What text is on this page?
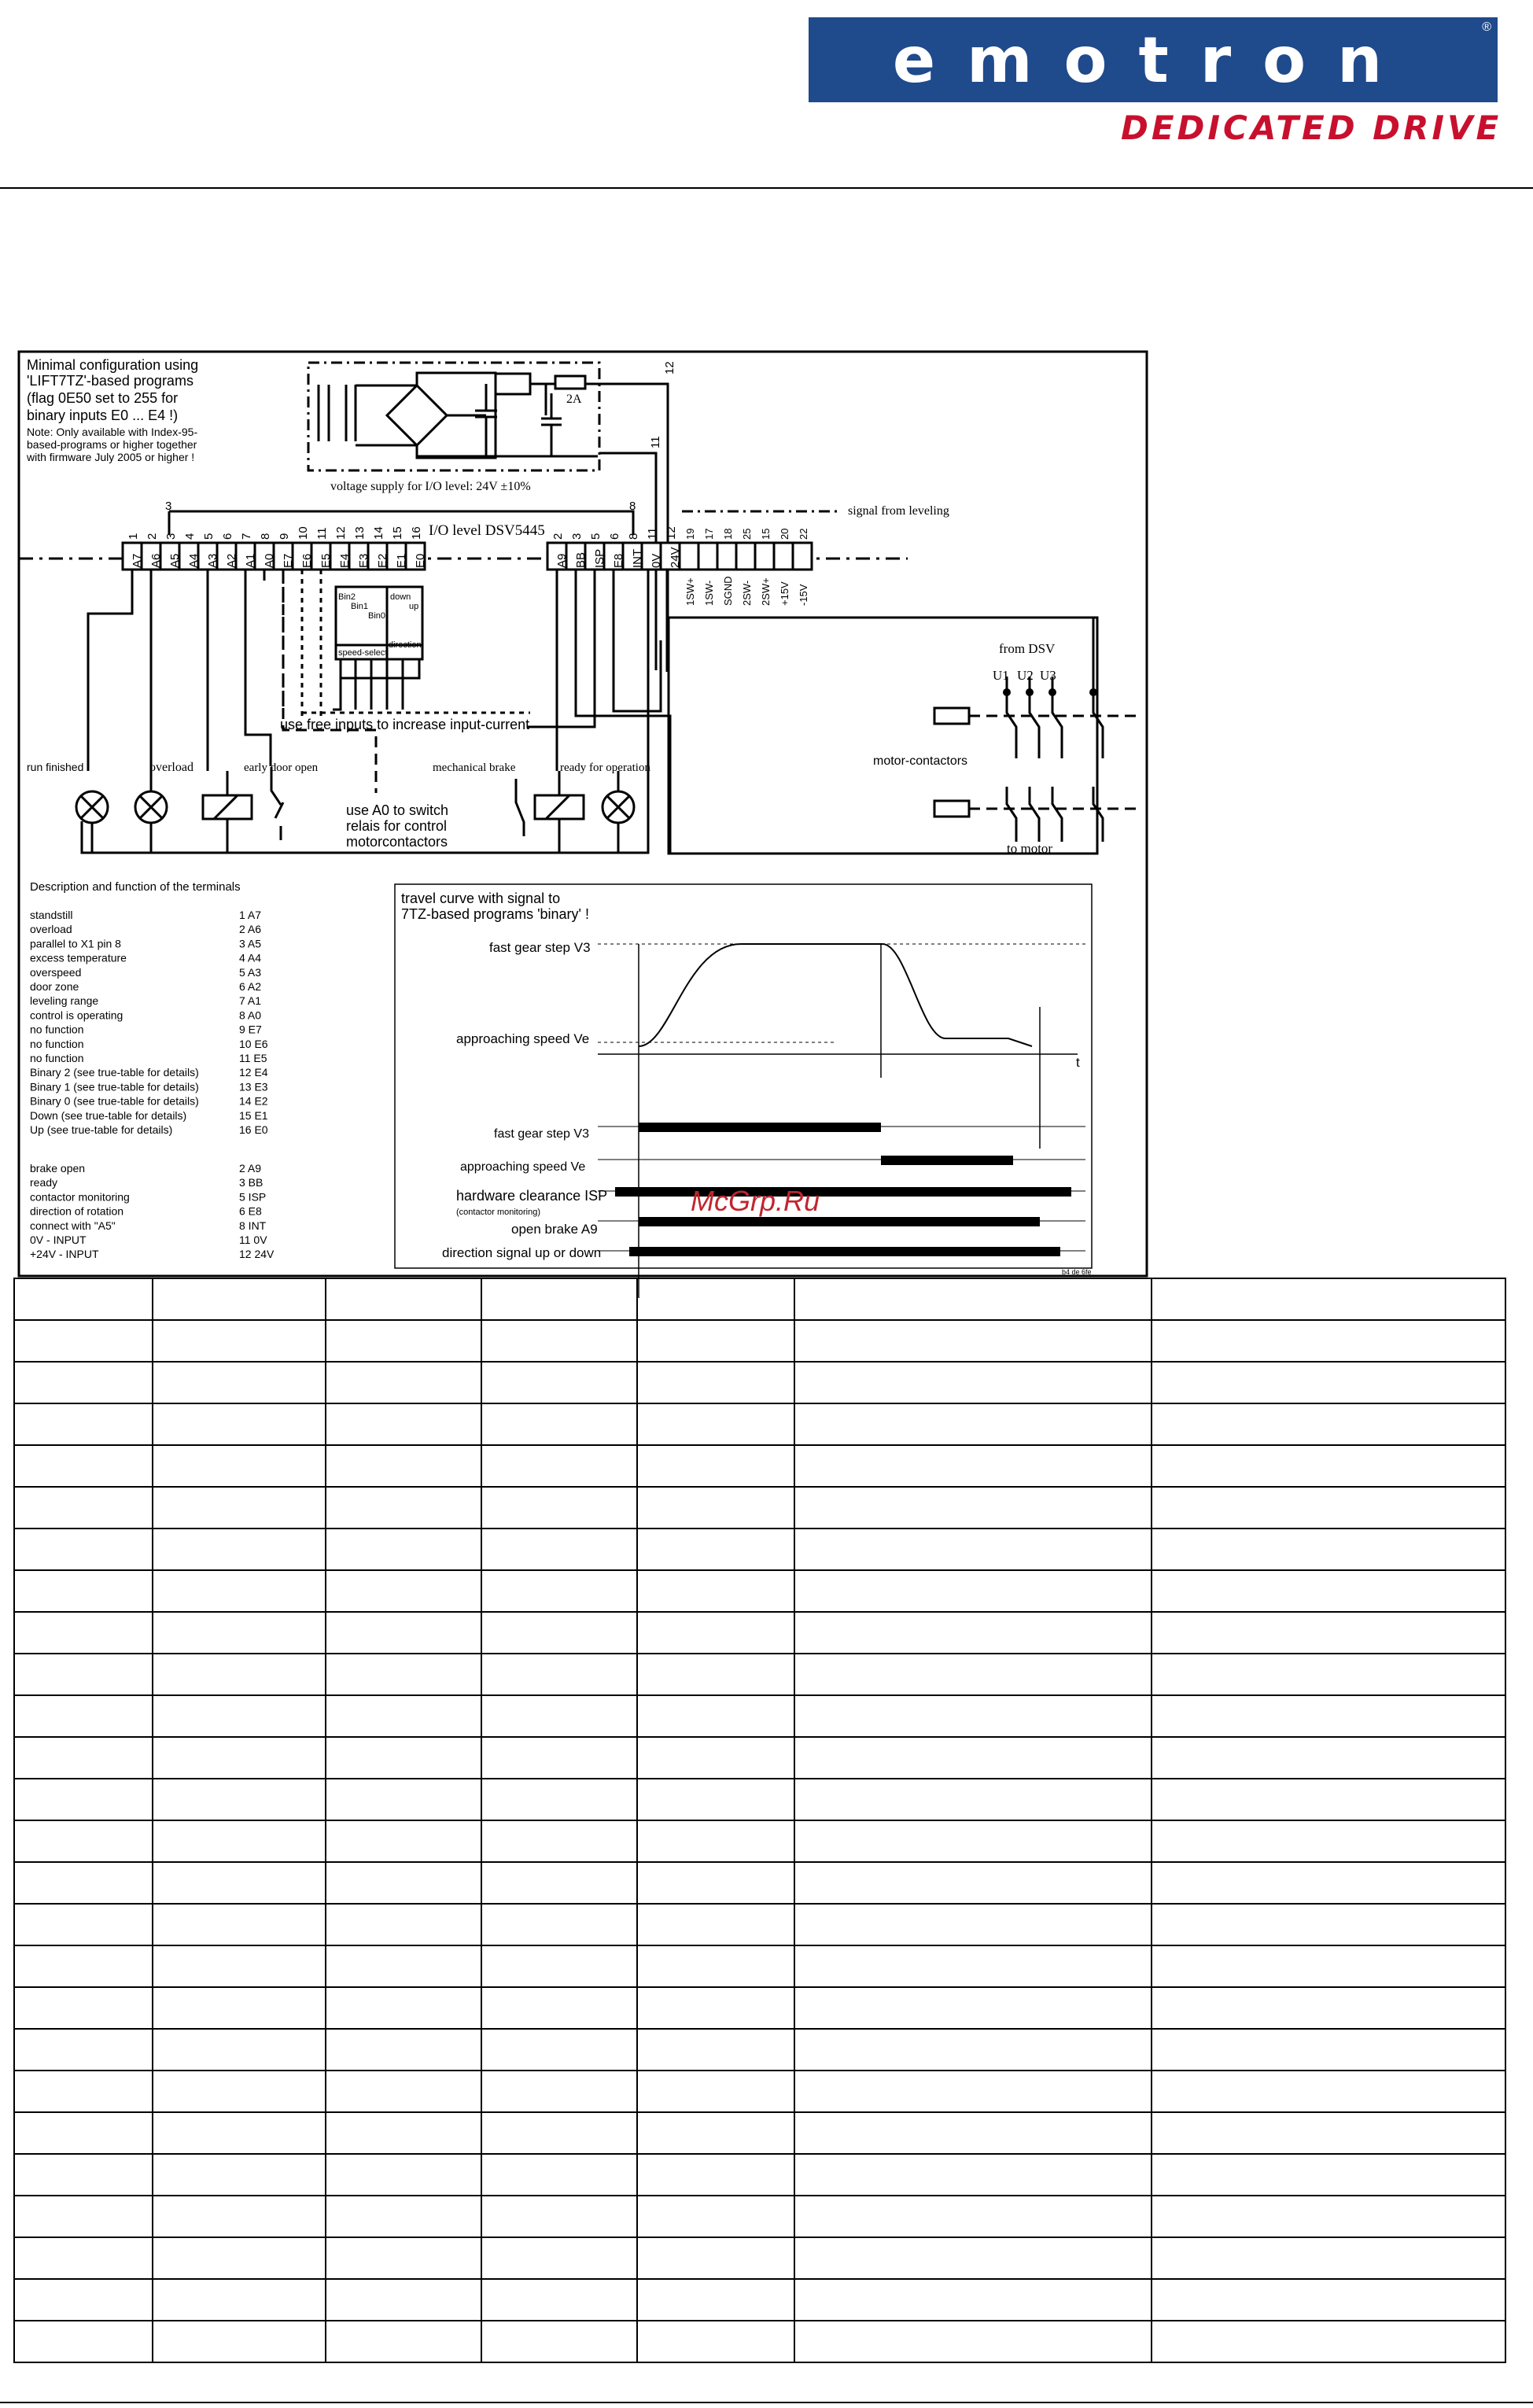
emotron	®
DEDICATED DRIVE
Minimal configuration using
'LIFT7TZ'-based programs
(flag 0E50 set to 255 for
binary inputs E0 ... E4 !)
Note: Only available with Index-95-
based-programs or higher together
with firmware July 2005 or higher !
voltage supply for I/O level: 24V ±10%
2A
12
11
8
3	signal from leveling
I/O level DSV5445
1
A7
2
A6
3
A5
4
A4
5
A3
6
A2
7
A1
8
A0
9
E7
10
E6
11
E5
12
E4
13
E3
14
E2
15
E1
16
E0
2
A9
3
BB
5
ISP
6
E8
8
INT
11
0V
12
24V
19
1SW+
17
1SW-
18
SGND
25
2SW-
15
2SW+
20
+15V
22
-15V
Bin2
Bin1
Bin0
speed-select
down
up
direction
use free inputs to increase input-current
use A0 to switch
relais for control
motorcontactors
run finished	overload	early door open	mechanical brake	ready for operation
from DSV
U1 U2 U3
motor-contactors
to motor
Description and function of the terminals
standstill	1 A7
overload	2 A6
parallel to X1 pin 8	3 A5
excess temperature	4 A4
overspeed	5 A3
door zone	6 A2
leveling range	7 A1
control is operating	8 A0
no function	9 E7
no function	10 E6
no function	11 E5
Binary 2 (see true-table for details)	12 E4
Binary 1 (see true-table for details)	13 E3
Binary 0 (see true-table for details)	14 E2
Down (see true-table for details)	15 E1
Up (see true-table for details)	16 E0
brake open	2 A9
ready	3 BB
contactor monitoring	5 ISP
direction of rotation	6 E8
connect with "A5"	8 INT
0V - INPUT	11 0V
+24V - INPUT	12 24V
travel curve with signal to
7TZ-based programs 'binary' !
fast gear step V3
approaching speed Ve
t
fast gear step V3
approaching speed Ve
hardware clearance ISP
(contactor monitoring)
open brake A9
direction signal up or down
b4 de 6fe
McGrp.Ru
